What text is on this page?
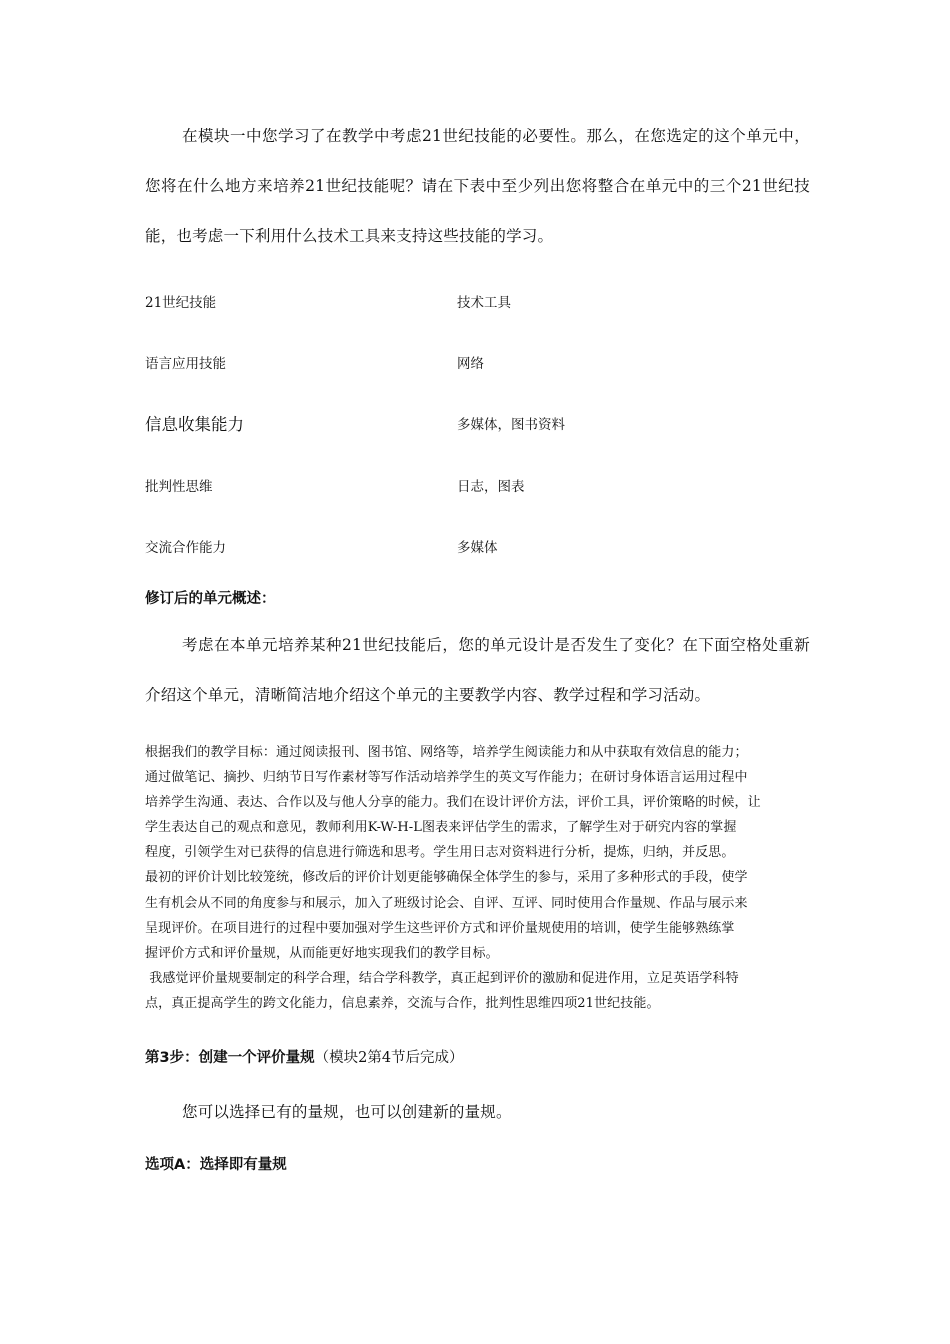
在模块一中您学习了在教学中考虑21世纪技能的必要性。那么，在您选定的这个单元中，您将在什么地方来培养21世纪技能呢？请在下表中至少列出您将整合在单元中的三个21世纪技能，也考虑一下利用什么技术工具来支持这些技能的学习。

21世纪技能	技术工具
语言应用技能	网络
信息收集能力	多媒体，图书资料
批判性思维	日志，图表
交流合作能力	多媒体
修订后的单元概述：

考虑在本单元培养某种21世纪技能后，您的单元设计是否发生了变化？在下面空格处重新介绍这个单元，清晰简洁地介绍这个单元的主要教学内容、教学过程和学习活动。

根据我们的教学目标：通过阅读报刊、图书馆、网络等，培养学生阅读能力和从中获取有效信息的能力；
通过做笔记、摘抄、归纳节日写作素材等写作活动培养学生的英文写作能力；在研讨身体语言运用过程中
培养学生沟通、表达、合作以及与他人分享的能力。我们在设计评价方法，评价工具，评价策略的时候，让
学生表达自己的观点和意见，教师利用K-W-H-L图表来评估学生的需求，了解学生对于研究内容的掌握
程度，引领学生对已获得的信息进行筛选和思考。学生用日志对资料进行分析，提炼，归纳，并反思。
最初的评价计划比较笼统，修改后的评价计划更能够确保全体学生的参与，采用了多种形式的手段，使学
生有机会从不同的角度参与和展示，加入了班级讨论会、自评、互评、同时使用合作量规、作品与展示来
呈现评价。在项目进行的过程中要加强对学生这些评价方式和评价量规使用的培训，使学生能够熟练掌
握评价方式和评价量规，从而能更好地实现我们的教学目标。
我感觉评价量规要制定的科学合理，结合学科教学，真正起到评价的激励和促进作用，立足英语学科特
点，真正提高学生的跨文化能力，信息素养，交流与合作，批判性思维四项21世纪技能。
第3步：创建一个评价量规（模块2第4节后完成）

您可以选择已有的量规，也可以创建新的量规。

选项A：选择即有量规
